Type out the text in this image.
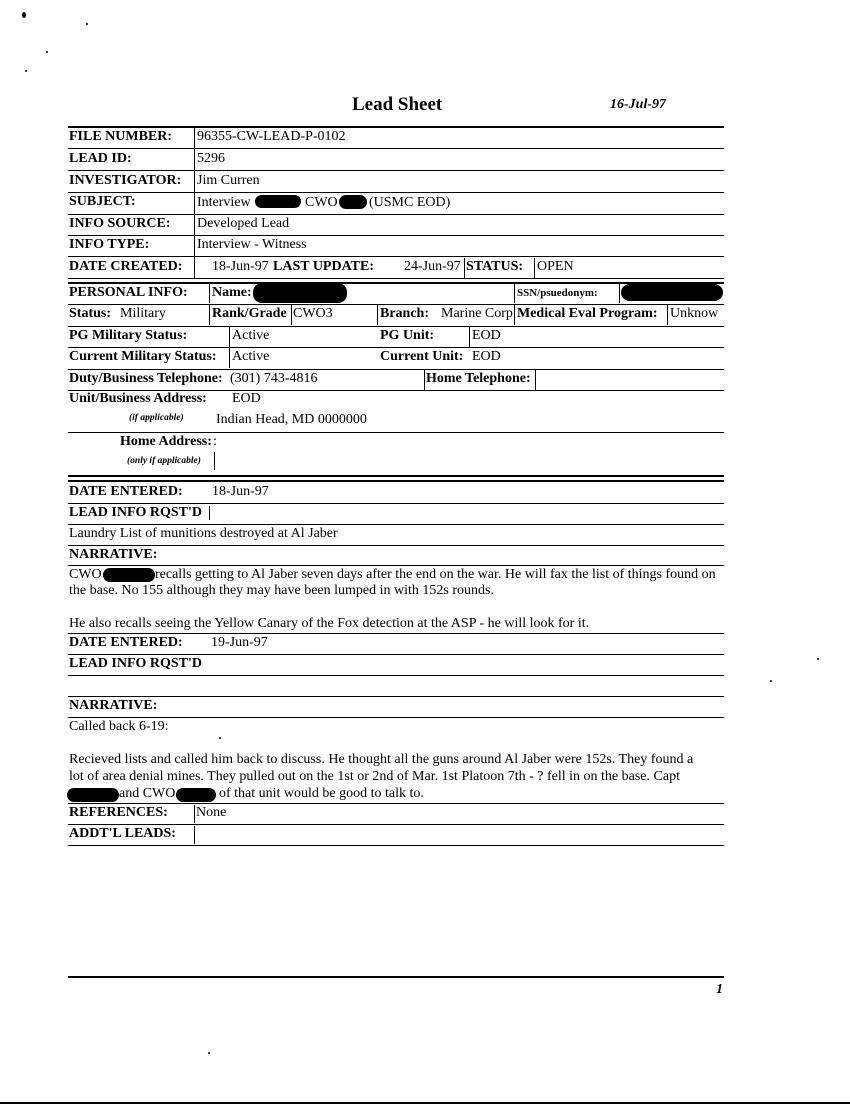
Lead Sheet	16-Jul-97
FILE NUMBER: 96355-CW-LEAD-P-0102
LEAD ID:	5296
INVESTIGATOR: Jim Curren
SUBJECT:	Interview	CWO (USMC EOD)
INFO SOURCE: Developed Lead
INFO TYPE:	Interview - Witness
DATE CREATED: 18-Jun-97 LAST UPDATE: 24-Jun-97 STATUS: OPEN
PERSONAL INFO: Name:	SSN/psuedonym:
Status: Military	Rank/Grade CWO3	Branch: Marine Corp Medical Eval Program: Unknow
PG Military Status:	Active	PG Unit:	EOD
Current Military Status: Active	Current Unit: EOD
Duty/Business Telephone: (301) 743-4816	Home Telephone:
Unit/Business Address: EOD
(if applicable) Indian Head, MD 0000000
Home Address: :
(only if applicable)
DATE ENTERED: 18-Jun-97
LEAD INFO RQST'D
Laundry List of munitions destroyed at Al Jaber
NARRATIVE:
CWO	recalls getting to Al Jaber seven days after the end on the war. He will fax the list of things found on
the base. No 155 although they may have been lumped in with 152s rounds.
He also recalls seeing the Yellow Canary of the Fox detection at the ASP - he will look for it.
DATE ENTERED: 19-Jun-97
LEAD INFO RQST'D
NARRATIVE:
Called back 6-19:
Recieved lists and called him back to discuss. He thought all the guns around Al Jaber were 152s. They found a
lot of area denial mines. They pulled out on the 1st or 2nd of Mar. 1st Platoon 7th - ? fell in on the base. Capt
and CWO	of that unit would be good to talk to.
REFERENCES: None
ADDT'L LEADS:
1
